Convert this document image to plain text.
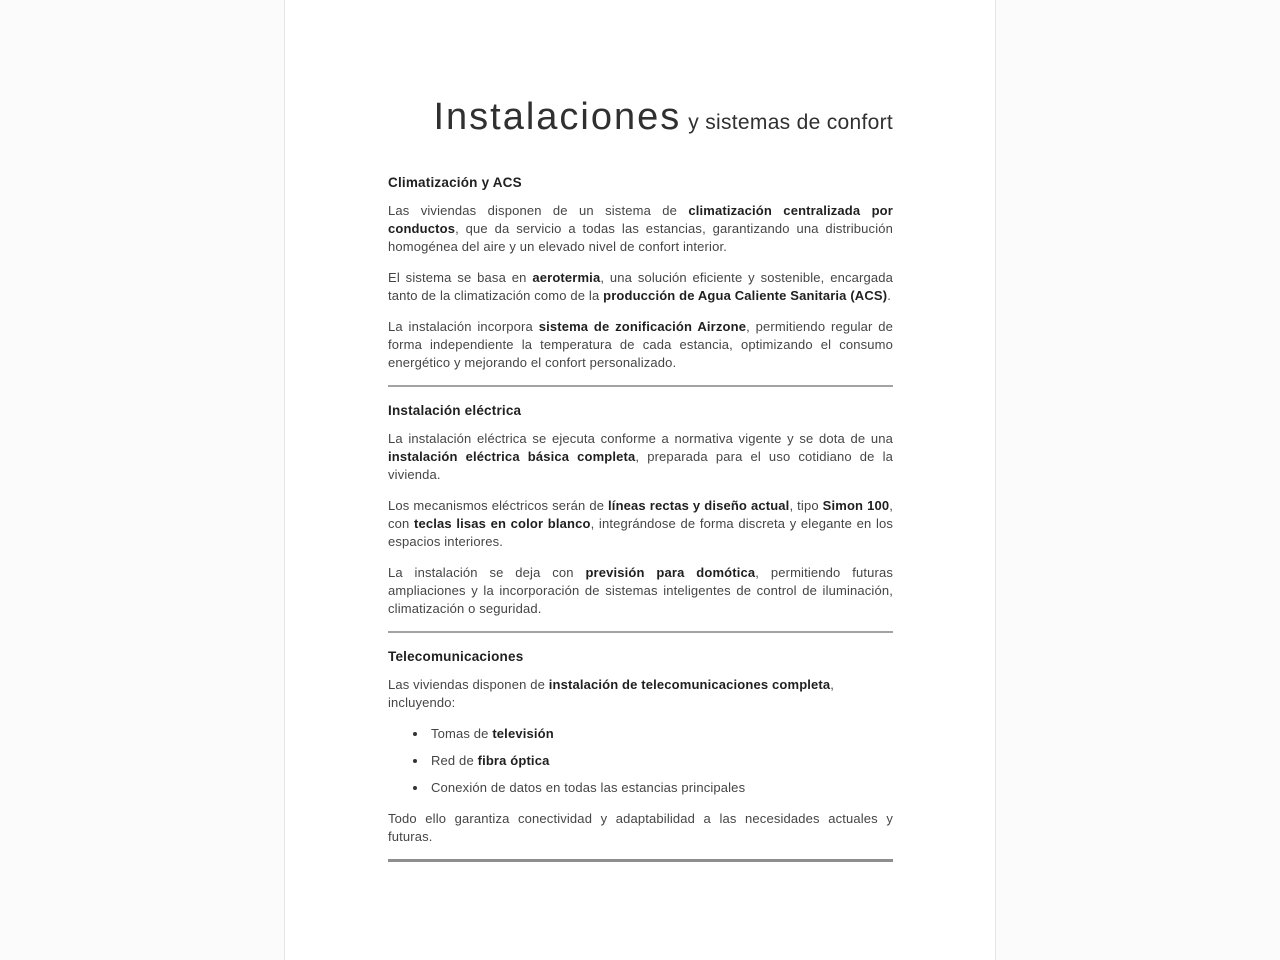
Instalaciones y sistemas de confort
Climatización y ACS

Las viviendas disponen de un sistema de climatización centralizada por conductos, que da servicio a todas las estancias, garantizando una distribución homogénea del aire y un elevado nivel de confort interior.

El sistema se basa en aerotermia, una solución eficiente y sostenible, encargada tanto de la climatización como de la producción de Agua Caliente Sanitaria (ACS).

La instalación incorpora sistema de zonificación Airzone, permitiendo regular de forma independiente la temperatura de cada estancia, optimizando el consumo energético y mejorando el confort personalizado.

Instalación eléctrica

La instalación eléctrica se ejecuta conforme a normativa vigente y se dota de una instalación eléctrica básica completa, preparada para el uso cotidiano de la vivienda.

Los mecanismos eléctricos serán de líneas rectas y diseño actual, tipo Simon 100, con teclas lisas en color blanco, integrándose de forma discreta y elegante en los espacios interiores.

La instalación se deja con previsión para domótica, permitiendo futuras ampliaciones y la incorporación de sistemas inteligentes de control de iluminación, climatización o seguridad.

Telecomunicaciones

Las viviendas disponen de instalación de telecomunicaciones completa, incluyendo:

Tomas de televisión
Red de fibra óptica
Conexión de datos en todas las estancias principales

Todo ello garantiza conectividad y adaptabilidad a las necesidades actuales y futuras.
